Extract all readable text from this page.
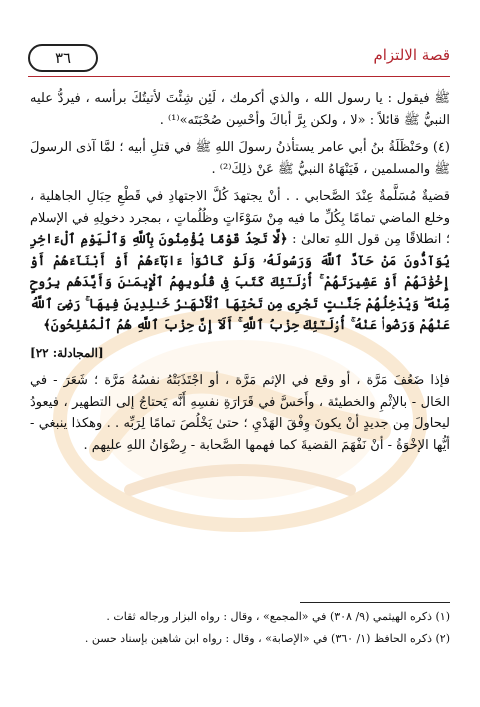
٣٦	قصة الالتزام

ﷺ فيقول : يا رسول الله ، والذي أكرمك ، لَئِن شِئْتَ لأتيتُكَ برأسه ، فيردُّ عليه النبيُّ ﷺ قائلاً : «لا ، ولكن بِرَّ أباكَ وأحْسِن صُحْبَتَه»⁽¹⁾ .

(٤) وحَنْظَلَةُ بنُ أبي عامر يستأذنُ رسولَ اللهِ ﷺ في قتلِ أبيه ؛ لمَّا آذى الرسولَ ﷺ والمسلمين ، فَيَنْهَاهُ النبيُّ ﷺ عَنْ ذلِكَ⁽²⁾ .

قضيةٌ مُسَلَّمةٌ عِنْدَ الصَّحابي . . أنْ يجتهدَ كُلَّ الاجتهادِ في قَطْعِ حِبَالِ الجاهلية ، وخلع الماضي تمامًا بِكُلِّ ما فيه مِنْ سَوْءَاتٍ وظُلُماتٍ ، بمجرد دخولِهِ في الإسلام ؛ انطلاقًا مِن قول اللهِ تعالىٰ : ﴿لَّا تَجِدُ قَوْمًا يُؤْمِنُونَ بِٱللَّهِ وَٱلْيَوْمِ ٱلْءَاخِرِ يُوَآدُّونَ مَنْ حَآدَّ ٱللَّهَ وَرَسُولَهُۥ وَلَوْ كَانُوٓا۟ ءَابَآءَهُمْ أَوْ أَبْنَآءَهُمْ أَوْ إِخْوَٰنَهُمْ أَوْ عَشِيرَتَهُمْ ۚ أُو۟لَـٰٓئِكَ كَتَبَ فِى قُلُوبِهِمُ ٱلْإِيمَـٰنَ وَأَيَّدَهُم بِرُوحٍ مِّنْهُ ۖ وَيُدْخِلُهُمْ جَنَّـٰتٍ تَجْرِى مِن تَحْتِهَا ٱلْأَنْهَـٰرُ خَـٰلِدِينَ فِيهَا ۚ رَضِىَ ٱللَّهُ عَنْهُمْ وَرَضُوا۟ عَنْهُ ۚ أُو۟لَـٰٓئِكَ حِزْبُ ٱللَّهِ ۚ أَلَآ إِنَّ حِزْبَ ٱللَّهِ هُمُ ٱلْمُفْلِحُونَ﴾

[المجادلة: ٢٢]

فإذا ضَعُفَ مَرَّة ، أو وقع في الإثم مَرَّة ، أو اجْتَذَبَتْهُ نفسُهُ مَرَّة ؛ شَعَرَ - في الحَال - بالإثْمِ والخطيئة ، وأَحَسَّ في قَرَارَةِ نفسِهِ أَنَّه يَحتاجُ إلى التطهير ، فيعودُ ليحاولَ مِن جديدٍ أنْ يكونَ وِفْقَ الهَدْيِ ؛ حتىٰ يَخْلُصَ تمامًا لِرَبِّه . . وهكذا ينبغي - أيُّها الإخْوَةُ - أنْ نَفْهَمَ القضيةَ كما فهمها الصَّحابة - رِضْوَانُ اللهِ عليهم .

(١) ذكره الهيثمي (٩/ ٣٠٨) في «المجمع» ، وقال : رواه البزار ورجاله ثقات .
(٢) ذكره الحافظ (١/ ٣٦٠) في «الإصابة» ، وقال : رواه ابن شاهين بإسناد حسن .
